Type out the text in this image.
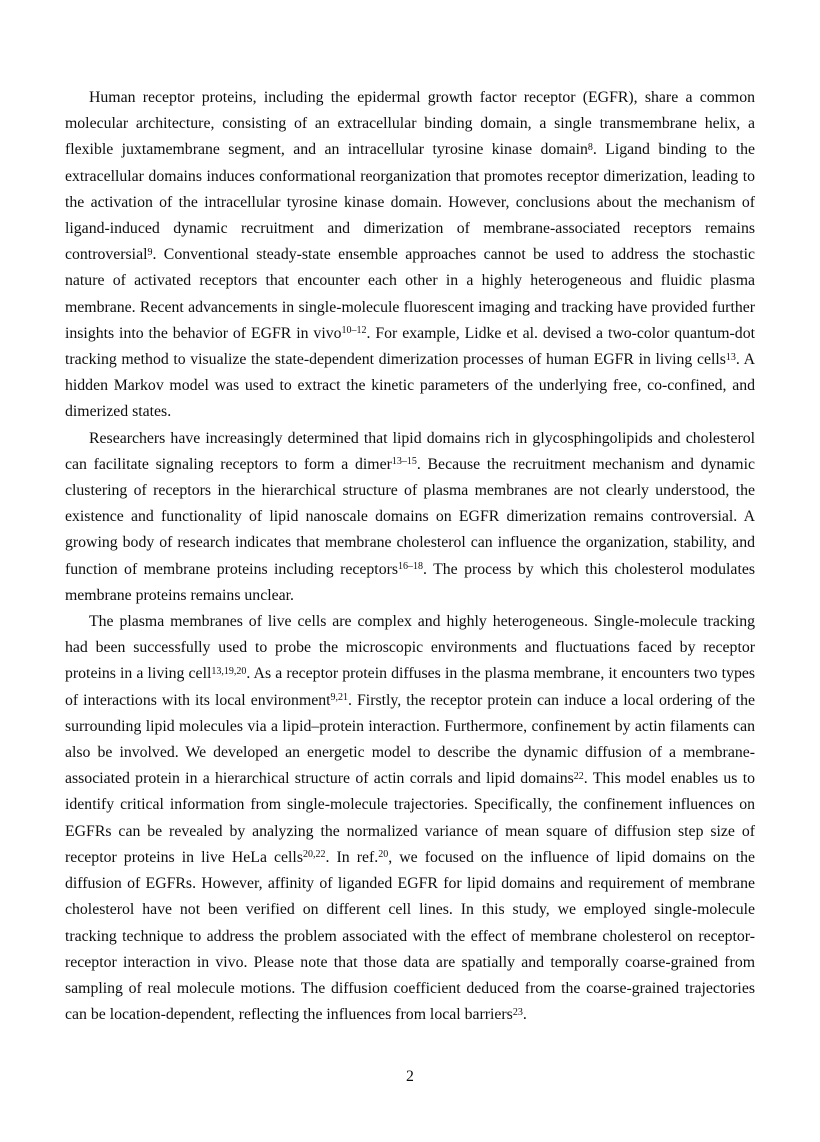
Human receptor proteins, including the epidermal growth factor receptor (EGFR), share a common molecular architecture, consisting of an extracellular binding domain, a single transmembrane helix, a flexible juxtamembrane segment, and an intracellular tyrosine kinase domain$^8$. Ligand binding to the extracellular domains induces conformational reorganization that promotes receptor dimerization, leading to the activation of the intracellular tyrosine kinase domain. However, conclusions about the mechanism of ligand-induced dynamic recruitment and dimerization of membrane-associated receptors remains controversial$^9$. Conventional steady-state ensemble approaches cannot be used to address the stochastic nature of activated receptors that encounter each other in a highly heterogeneous and fluidic plasma membrane. Recent advancements in single-molecule fluorescent imaging and tracking have provided further insights into the behavior of EGFR in vivo$^{10-12}$. For example, Lidke et al. devised a two-color quantum-dot tracking method to visualize the state-dependent dimerization processes of human EGFR in living cells$^{13}$. A hidden Markov model was used to extract the kinetic parameters of the underlying free, co-confined, and dimerized states.

Researchers have increasingly determined that lipid domains rich in glycosphingolipids and cholesterol can facilitate signaling receptors to form a dimer$^{13-15}$. Because the recruitment mechanism and dynamic clustering of receptors in the hierarchical structure of plasma membranes are not clearly understood, the existence and functionality of lipid nanoscale domains on EGFR dimerization remains controversial. A growing body of research indicates that membrane cholesterol can influence the organization, stability, and function of membrane proteins including receptors$^{16-18}$. The process by which this cholesterol modulates membrane proteins remains unclear.

The plasma membranes of live cells are complex and highly heterogeneous. Single-molecule tracking had been successfully used to probe the microscopic environments and fluctuations faced by receptor proteins in a living cell$^{13,19,20}$. As a receptor protein diffuses in the plasma membrane, it encounters two types of interactions with its local environment$^{9,21}$. Firstly, the receptor protein can induce a local ordering of the surrounding lipid molecules via a lipid–protein interaction. Furthermore, confinement by actin filaments can also be involved. We developed an energetic model to describe the dynamic diffusion of a membrane-associated protein in a hierarchical structure of actin corrals and lipid domains$^{22}$. This model enables us to identify critical information from single-molecule trajectories. Specifically, the confinement influences on EGFRs can be revealed by analyzing the normalized variance of mean square of diffusion step size of receptor proteins in live HeLa cells$^{20,22}$. In ref.$^{20}$, we focused on the influence of lipid domains on the diffusion of EGFRs. However, affinity of liganded EGFR for lipid domains and requirement of membrane cholesterol have not been verified on different cell lines. In this study, we employed single-molecule tracking technique to address the problem associated with the effect of membrane cholesterol on receptor-receptor interaction in vivo. Please note that those data are spatially and temporally coarse-grained from sampling of real molecule motions. The diffusion coefficient deduced from the coarse-grained trajectories can be location-dependent, reflecting the influences from local barriers$^{23}$.

2
